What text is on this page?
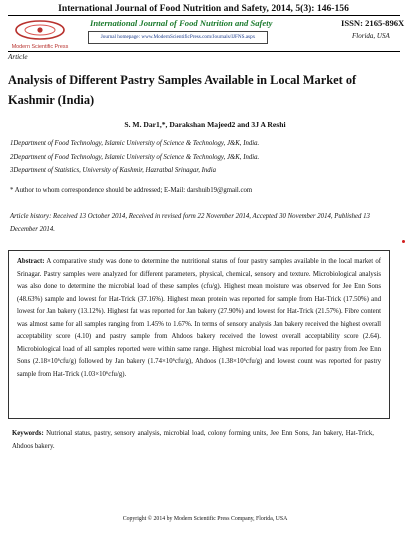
International Journal of Food Nutrition and Safety, 2014, 5(3): 146-156
Modern Scientific Press
International Journal of Food Nutrition and Safety	ISSN: 2165-896X
Journal homepage: www.ModernScientificPress.com/Journals/IJFNS.aspx	Florida, USA
Article
Analysis of Different Pastry Samples Available in Local Market of Kashmir (India)
S. M. Dar1,*, Darakshan Majeed2 and 3J A Reshi
1Department of Food Technology, Islamic University of Science & Technology, J&K, India.
2Department of Food Technology, Islamic University of Science & Technology, J&K, India.
3Department of Statistics, University of Kashmir, Hazratbal Srinagar, India
* Author to whom correspondence should be addressed; E-Mail: darshuib19@gmail.com
Article history: Received 13 October 2014, Received in revised form 22 November 2014, Accepted 30 November 2014, Published 13 December 2014.
Abstract: A comparative study was done to determine the nutritional status of four pastry samples available in the local market of Srinagar. Pastry samples were analyzed for different parameters, physical, chemical, sensory and texture. Microbiological analysis was also done to determine the microbial load of these samples (cfu/g). Highest mean moisture was observed for Jee Enn Sons (48.63%) sample and lowest for Hat-Trick (37.16%). Highest mean protein was reported for sample from Hat-Trick (17.50%) and lowest for Jan bakery (13.12%). Highest fat was reported for Jan bakery (27.90%) and lowest for Hat-Trick (21.57%). Fibre content was almost same for all samples ranging from 1.45% to 1.67%. In terms of sensory analysis Jan bakery received the highest overall acceptability score (4.10) and pastry sample from Ahdoos bakery received the lowest overall acceptability score (2.64). Microbiological load of all samples reported were within same range. Highest microbial load was reported for pastry from Jee Enn Sons (2.18×10⁶cfu/g) followed by Jan bakery (1.74×10⁶cfu/g), Ahdoos (1.38×10⁶cfu/g) and lowest count was reported for pastry sample from Hat-Trick (1.03×10⁶cfu/g).
Keywords: Nutrional status, pastry, sensory analysis, microbial load, colony forming units, Jee Enn Sons, Jan bakery, Hat-Trick, Ahdoos bakery.
Copyright © 2014 by Modern Scientific Press Company, Florida, USA
